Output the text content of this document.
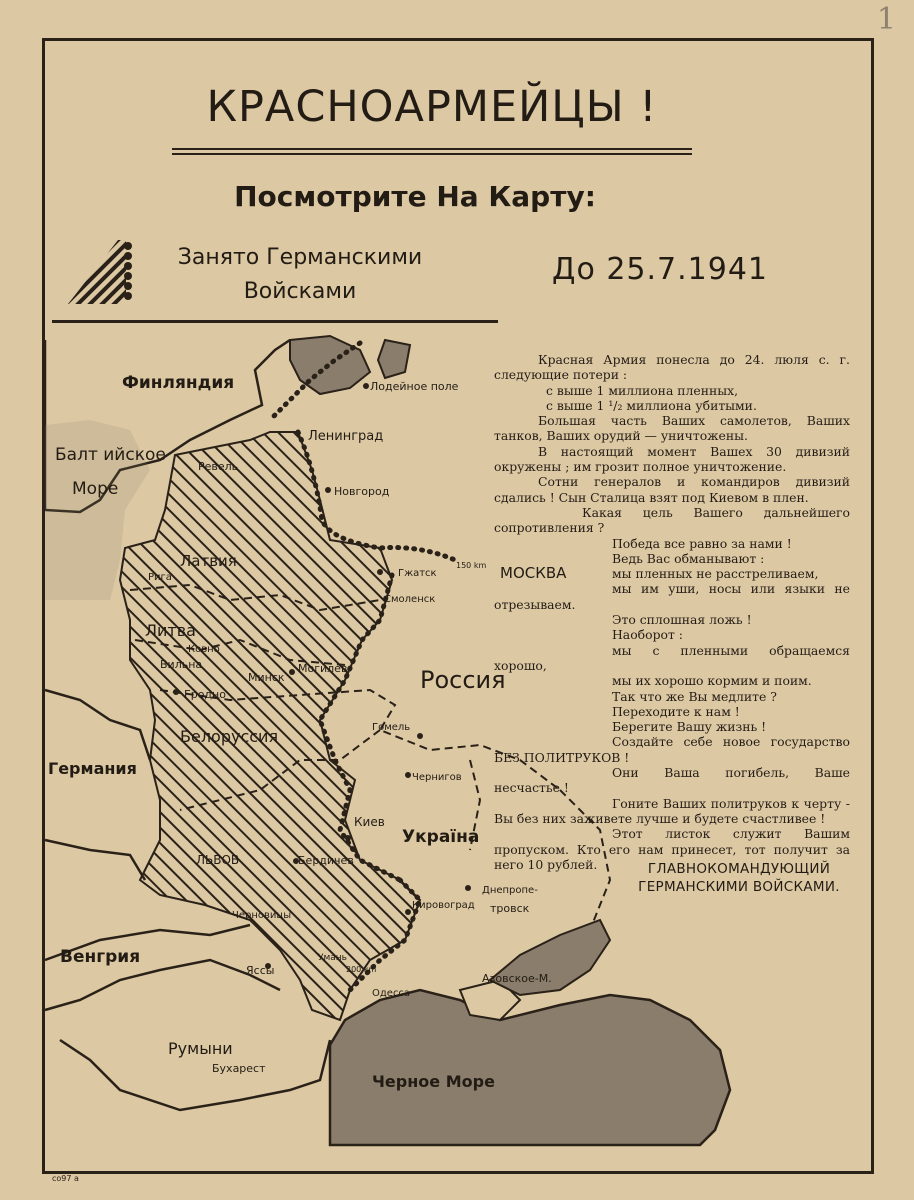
1
КРАСНОАРМЕЙЦЫ !
Посмотрите На Карту:
Занято Германскими
Войсками
До 25.7.1941
Финляндия
Балт ийское
Море
Лодейное поле
Ленинград
Ревель
Новгород
Латвия
Рига
Литва
Ковно
Вильна
Гродно
Минск
Могилев
Гжатск
150 km МОСКВА
Смоленск
Россия
Белоруссия	Гомель
Германия	Чернигов
Киев
Украïна
ЛЬВОВ	Бердичев
Кировоград
Днепропе-
тровск
Черновицы
Венгрия
Яссы
Умань
200 km
Одесса
Азовское-М.
Румыни
Бухарест
Черное Море

Красная Армия понесла до 24. люля с. г. следующие потери :

с выше 1 миллиона пленных,

с выше 1 ¹/₂ миллиона убитыми.

Большая часть Ваших самолетов, Ваших танков, Ваших орудий — уничтожены.

В настоящий момент Вашех 30 дивизий окружены ; им грозит полное уничтожение.

Сотни генералов и командиров дивизий сдались ! Сын Сталица взят под Киевом в плен.

Какая цель Вашего дальнейшего сопротивления ?

Победа все равно за нами !

Ведь Вас обманывают :

мы пленных не расстреливаем,

мы им уши, носы или языки не отрезываем.

Это сплошная ложь !

Наоборот :

мы с пленными обращаемся хорошо,

мы их хорошо кормим и поим.

Так что же Вы медлите ?

Переходите к нам !

Берегите Вашу жизнь !

Создайте себе новое государство БЕЗ ПОЛИТРУКОВ !

Они Ваша погибель, Ваше несчастье !

Гоните Ваших политруков к черту - Вы без них заживете лучше и будете счастливее !

Этот листок служит Вашим пропуском. Кто его нам принесет, тот получит за него 10 рублей.	ГЛАВНОКОМАНДУЮЩИЙ
ГЕРМАНСКИМИ ВОЙСКАМИ.
co97 a
